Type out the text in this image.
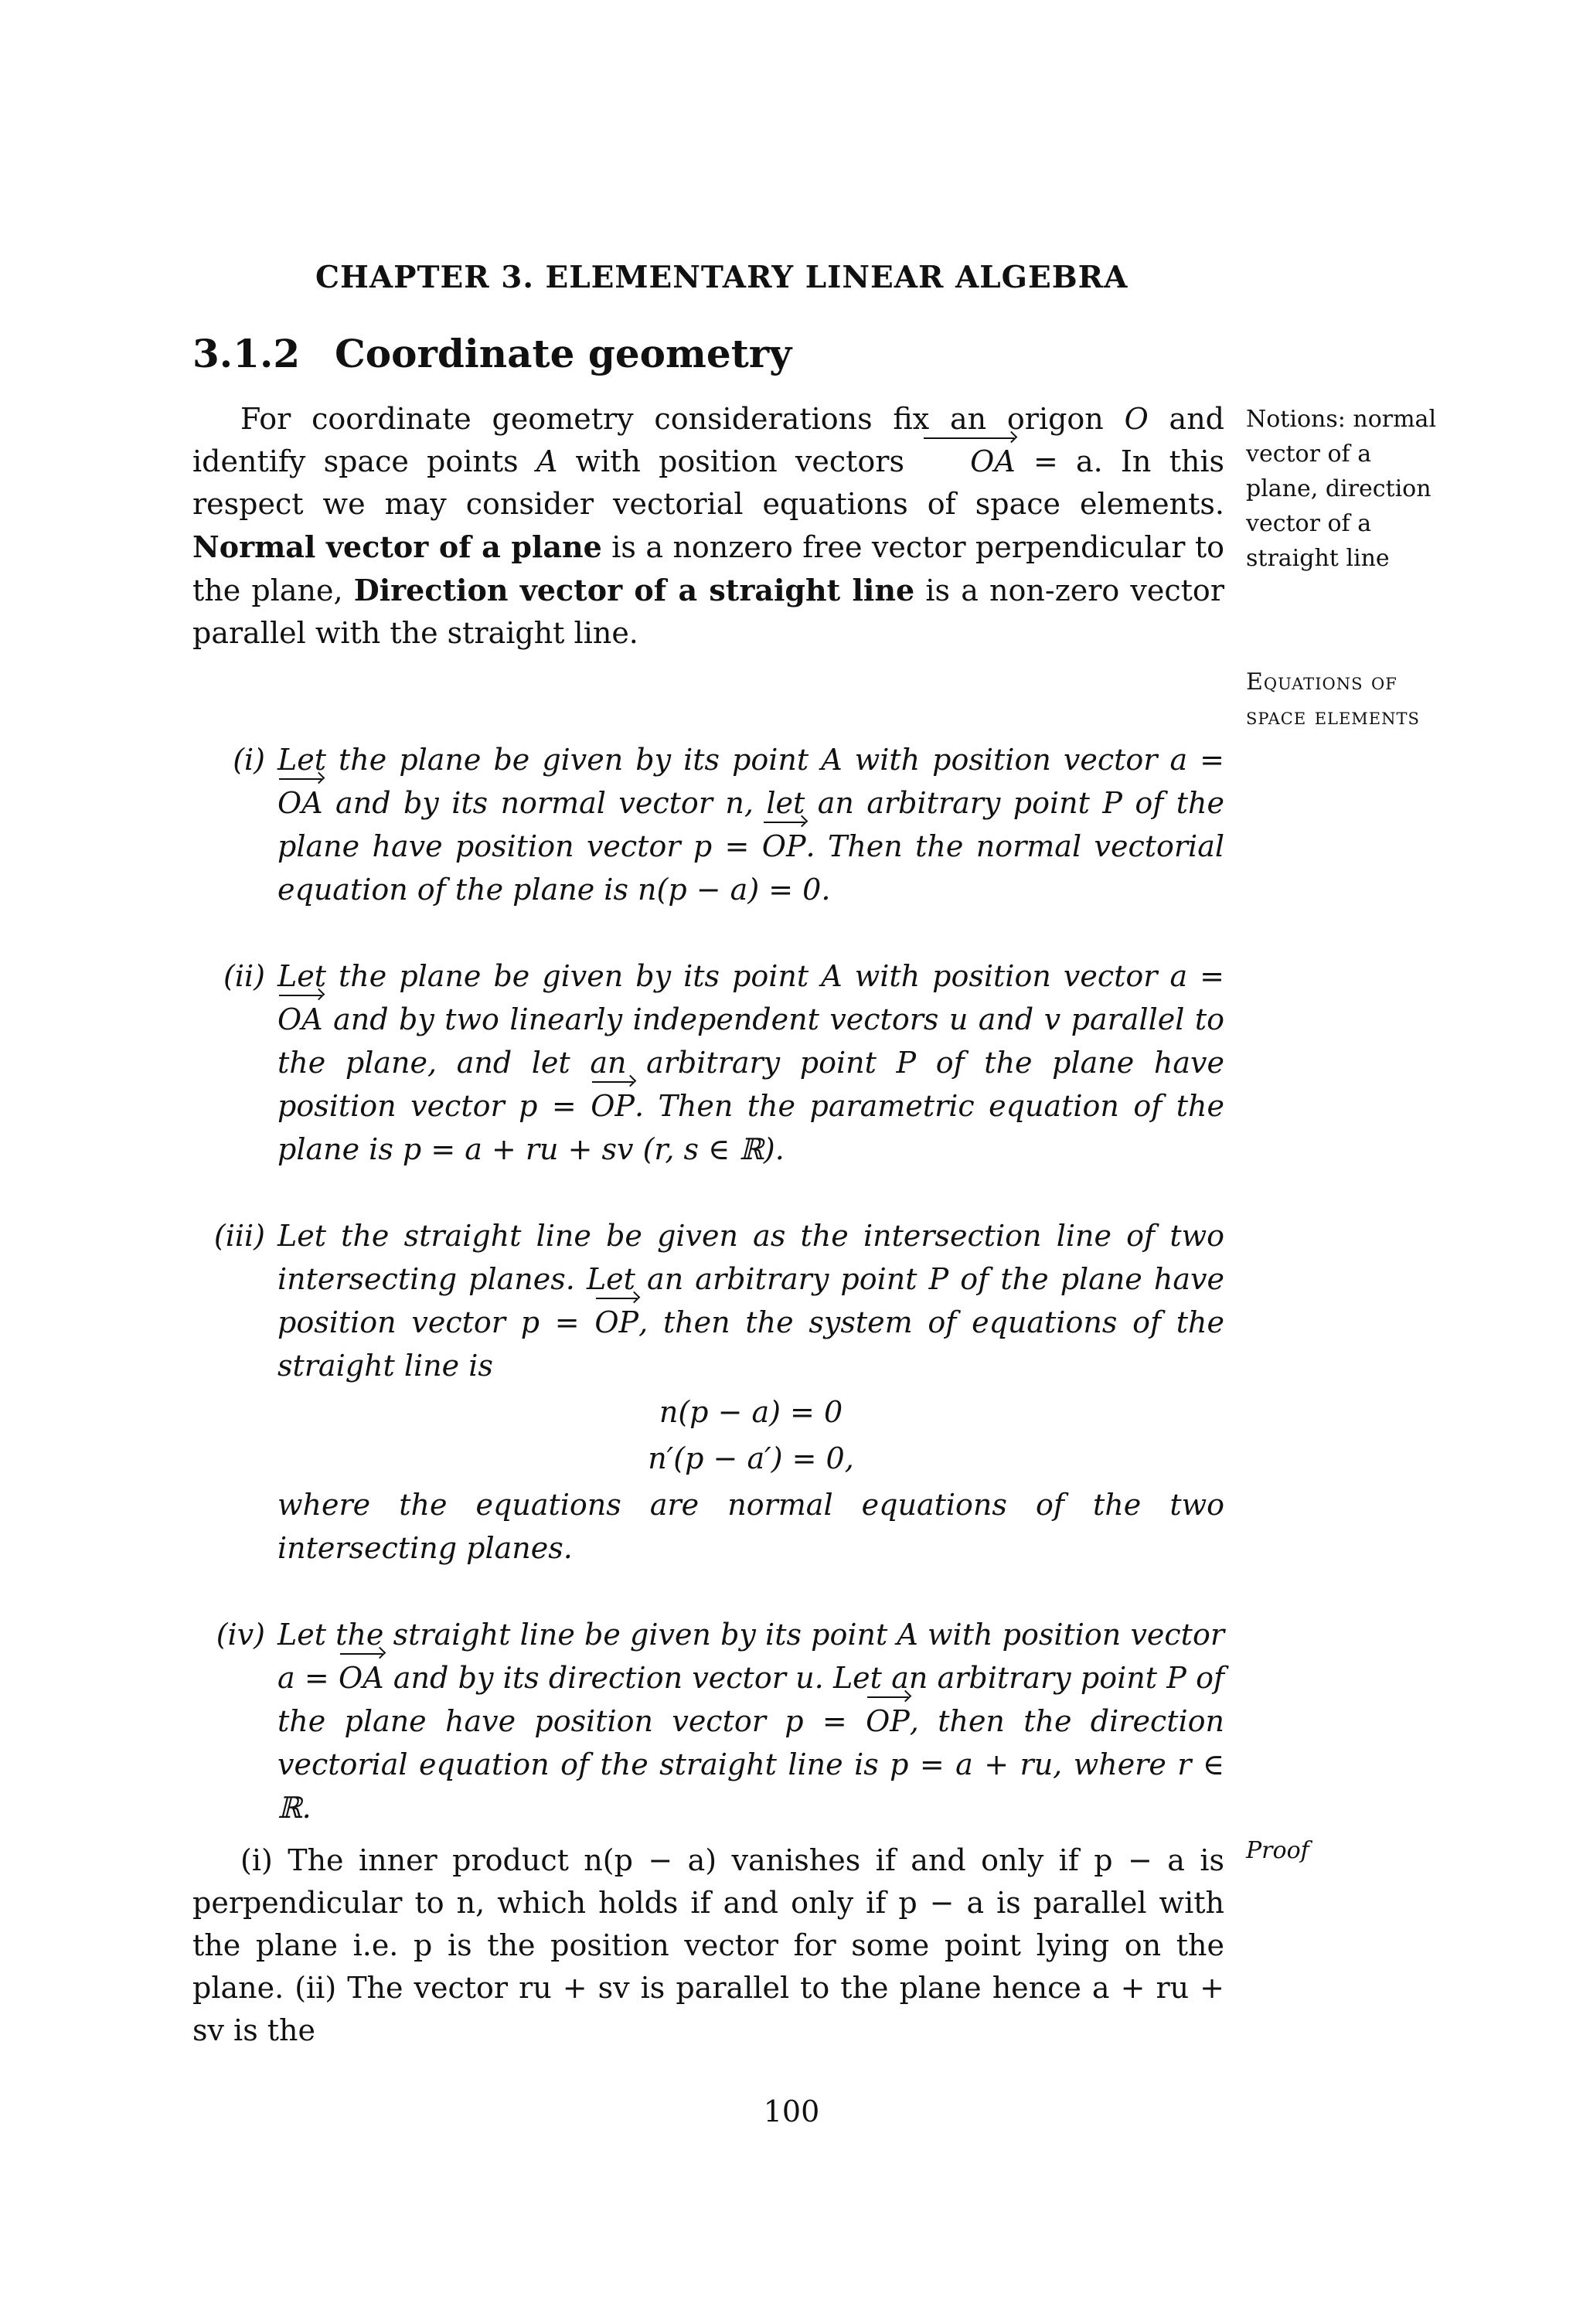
CHAPTER 3. ELEMENTARY LINEAR ALGEBRA
3.1.2 Coordinate geometry
For coordinate geometry considerations fix an origon O and identify space points A with position vectors OA = a. In this respect we may consider vectorial equations of space elements. Normal vector of a plane is a nonzero free vector perpendicular to the plane, Direction vector of a straight line is a non-zero vector parallel with the straight line.
Notions: normal vector of a plane, direction vector of a straight line
Equations of space elements
(i) Let the plane be given by its point A with position vector a = OA and by its normal vector n, let an arbitrary point P of the plane have position vector p = OP. Then the normal vectorial equation of the plane is n(p − a) = 0.
(ii) Let the plane be given by its point A with position vector a = OA and by two linearly independent vectors u and v parallel to the plane, and let an arbitrary point P of the plane have position vector p = OP. Then the parametric equation of the plane is p = a + ru + sv (r, s ∈ ℝ).
(iii) Let the straight line be given as the intersection line of two intersecting planes. Let an arbitrary point P of the plane have position vector p = OP, then the system of equations of the straight line is
n(p − a) = 0
n′(p − a′) = 0,
where the equations are normal equations of the two intersecting planes.
(iv) Let the straight line be given by its point A with position vector a = OA and by its direction vector u. Let an arbitrary point P of the plane have position vector p = OP, then the direction vectorial equation of the straight line is p = a + ru, where r ∈ ℝ.
(i) The inner product n(p − a) vanishes if and only if p − a is perpendicular to n, which holds if and only if p − a is parallel with the plane i.e. p is the position vector for some point lying on the plane. (ii) The vector ru + sv is parallel to the plane hence a + ru + sv is the
Proof
100
